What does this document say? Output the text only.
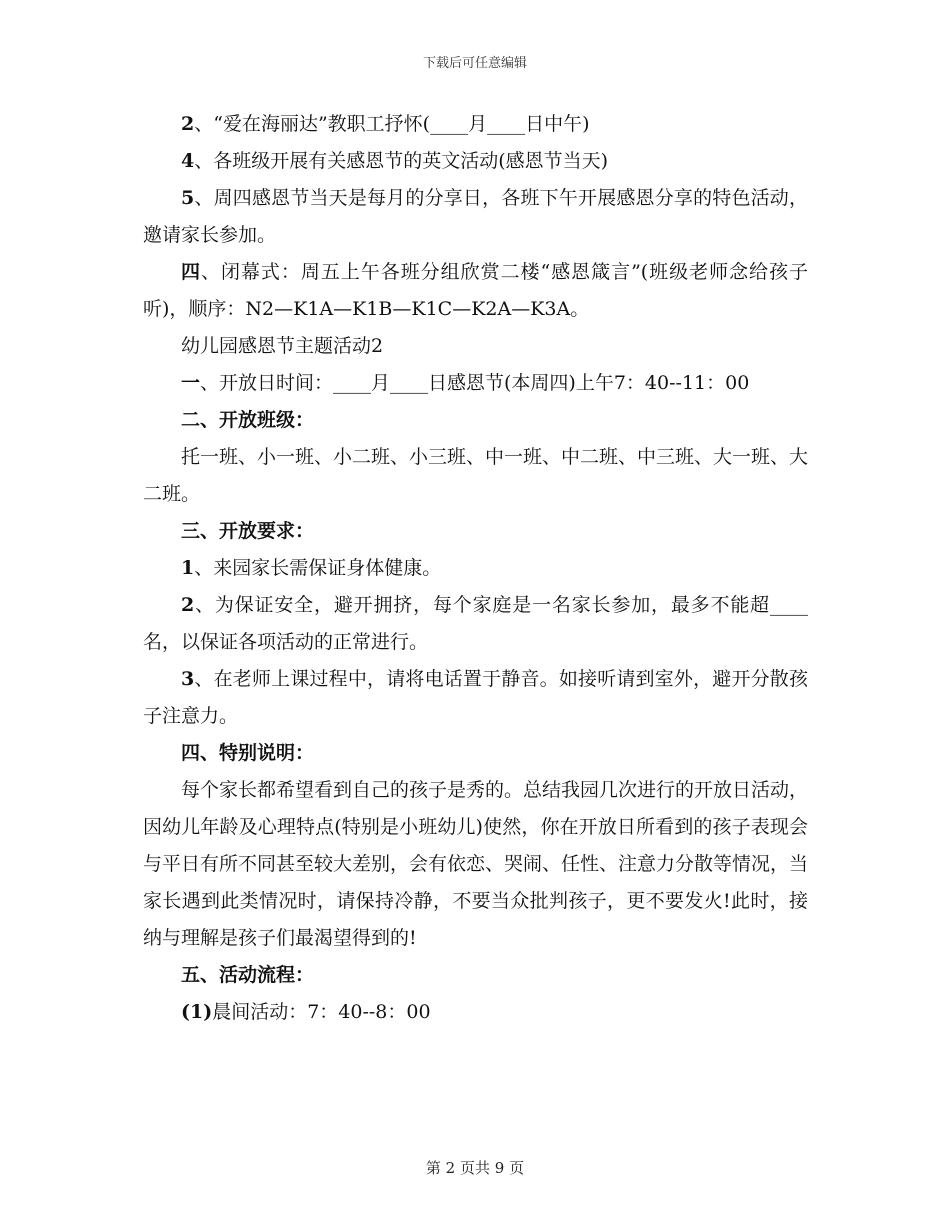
下载后可任意编辑

2、“爱在海丽达”教职工抒怀(____月____日中午)

4、各班级开展有关感恩节的英文活动(感恩节当天)

5、周四感恩节当天是每月的分享日，各班下午开展感恩分享的特色活动，邀请家长参加。

四、闭幕式：周五上午各班分组欣赏二楼“感恩箴言”(班级老师念给孩子听)，顺序：N2—K1A—K1B—K1C—K2A—K3A。

幼儿园感恩节主题活动2

一、开放日时间：____月____日感恩节(本周四)上午7：40--11：00

二、开放班级：

托一班、小一班、小二班、小三班、中一班、中二班、中三班、大一班、大二班。

三、开放要求：

1、来园家长需保证身体健康。

2、为保证安全，避开拥挤，每个家庭是一名家长参加，最多不能超____名，以保证各项活动的正常进行。

3、在老师上课过程中，请将电话置于静音。如接听请到室外，避开分散孩子注意力。

四、特别说明：

每个家长都希望看到自己的孩子是秀的。总结我园几次进行的开放日活动，因幼儿年龄及心理特点(特别是小班幼儿)使然，你在开放日所看到的孩子表现会与平日有所不同甚至较大差别，会有依恋、哭闹、任性、注意力分散等情况，当家长遇到此类情况时，请保持冷静，不要当众批判孩子，更不要发火!此时，接纳与理解是孩子们最渴望得到的!

五、活动流程：

(1)晨间活动：7：40--8：00

第 2 页共 9 页
